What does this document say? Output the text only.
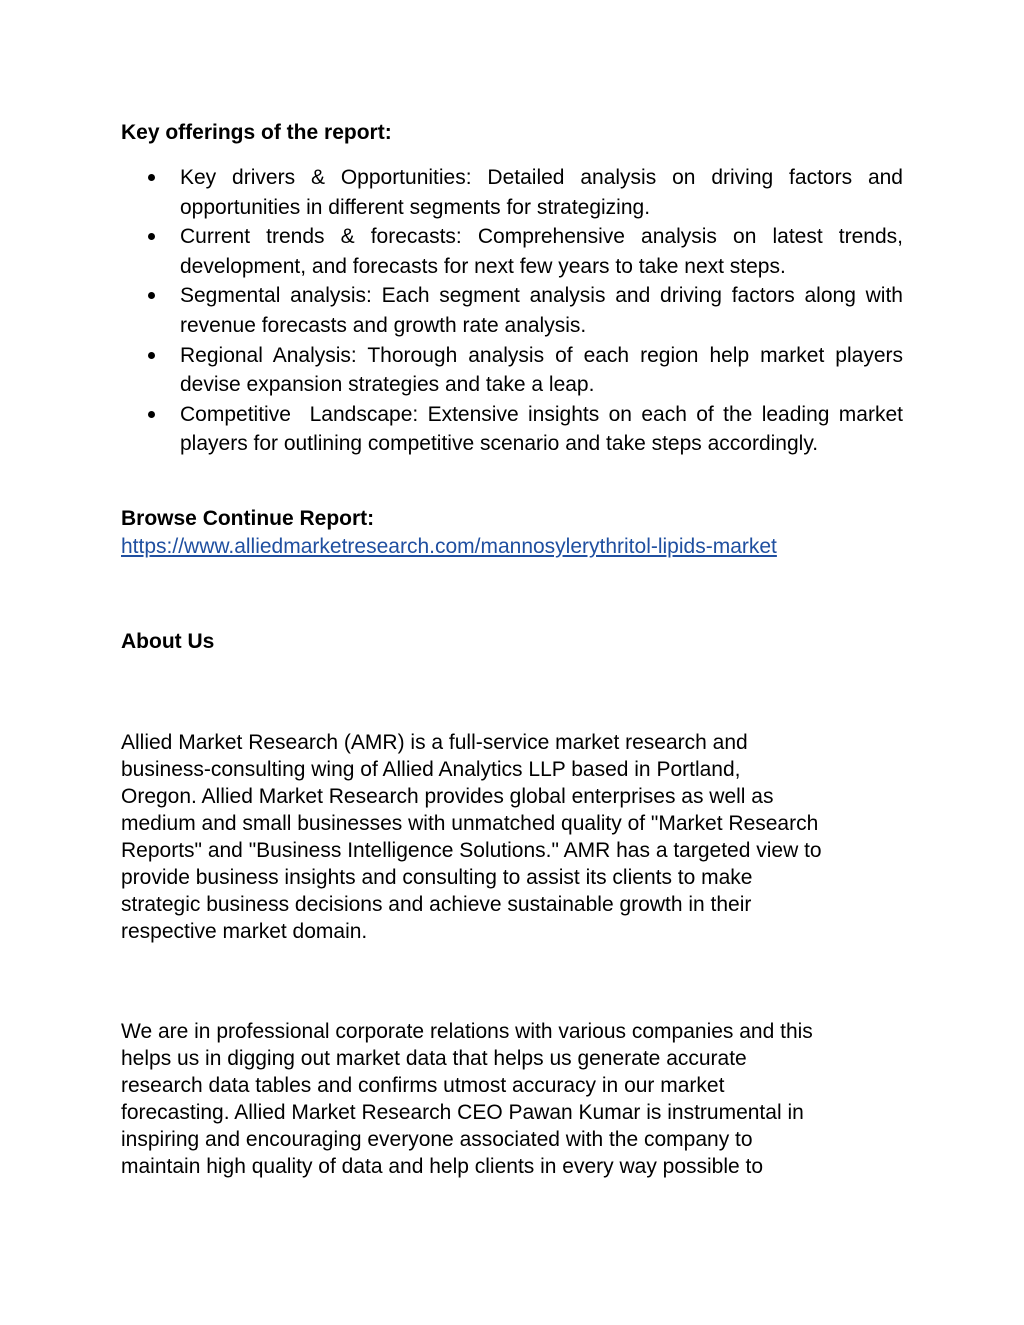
Key offerings of the report:
Key drivers & Opportunities: Detailed analysis on driving factors and opportunities in different segments for strategizing.
Current trends & forecasts: Comprehensive analysis on latest trends, development, and forecasts for next few years to take next steps.
Segmental analysis: Each segment analysis and driving factors along with revenue forecasts and growth rate analysis.
Regional Analysis: Thorough analysis of each region help market players devise expansion strategies and take a leap.
Competitive  Landscape: Extensive insights on each of the leading market players for outlining competitive scenario and take steps accordingly.
Browse Continue Report:
https://www.alliedmarketresearch.com/mannosylerythritol-lipids-market
About Us
Allied Market Research (AMR) is a full-service market research and
business-consulting wing of Allied Analytics LLP based in Portland,
Oregon. Allied Market Research provides global enterprises as well as
medium and small businesses with unmatched quality of "Market Research
Reports" and "Business Intelligence Solutions." AMR has a targeted view to
provide business insights and consulting to assist its clients to make
strategic business decisions and achieve sustainable growth in their
respective market domain.
We are in professional corporate relations with various companies and this
helps us in digging out market data that helps us generate accurate
research data tables and confirms utmost accuracy in our market
forecasting. Allied Market Research CEO Pawan Kumar is instrumental in
inspiring and encouraging everyone associated with the company to
maintain high quality of data and help clients in every way possible to
